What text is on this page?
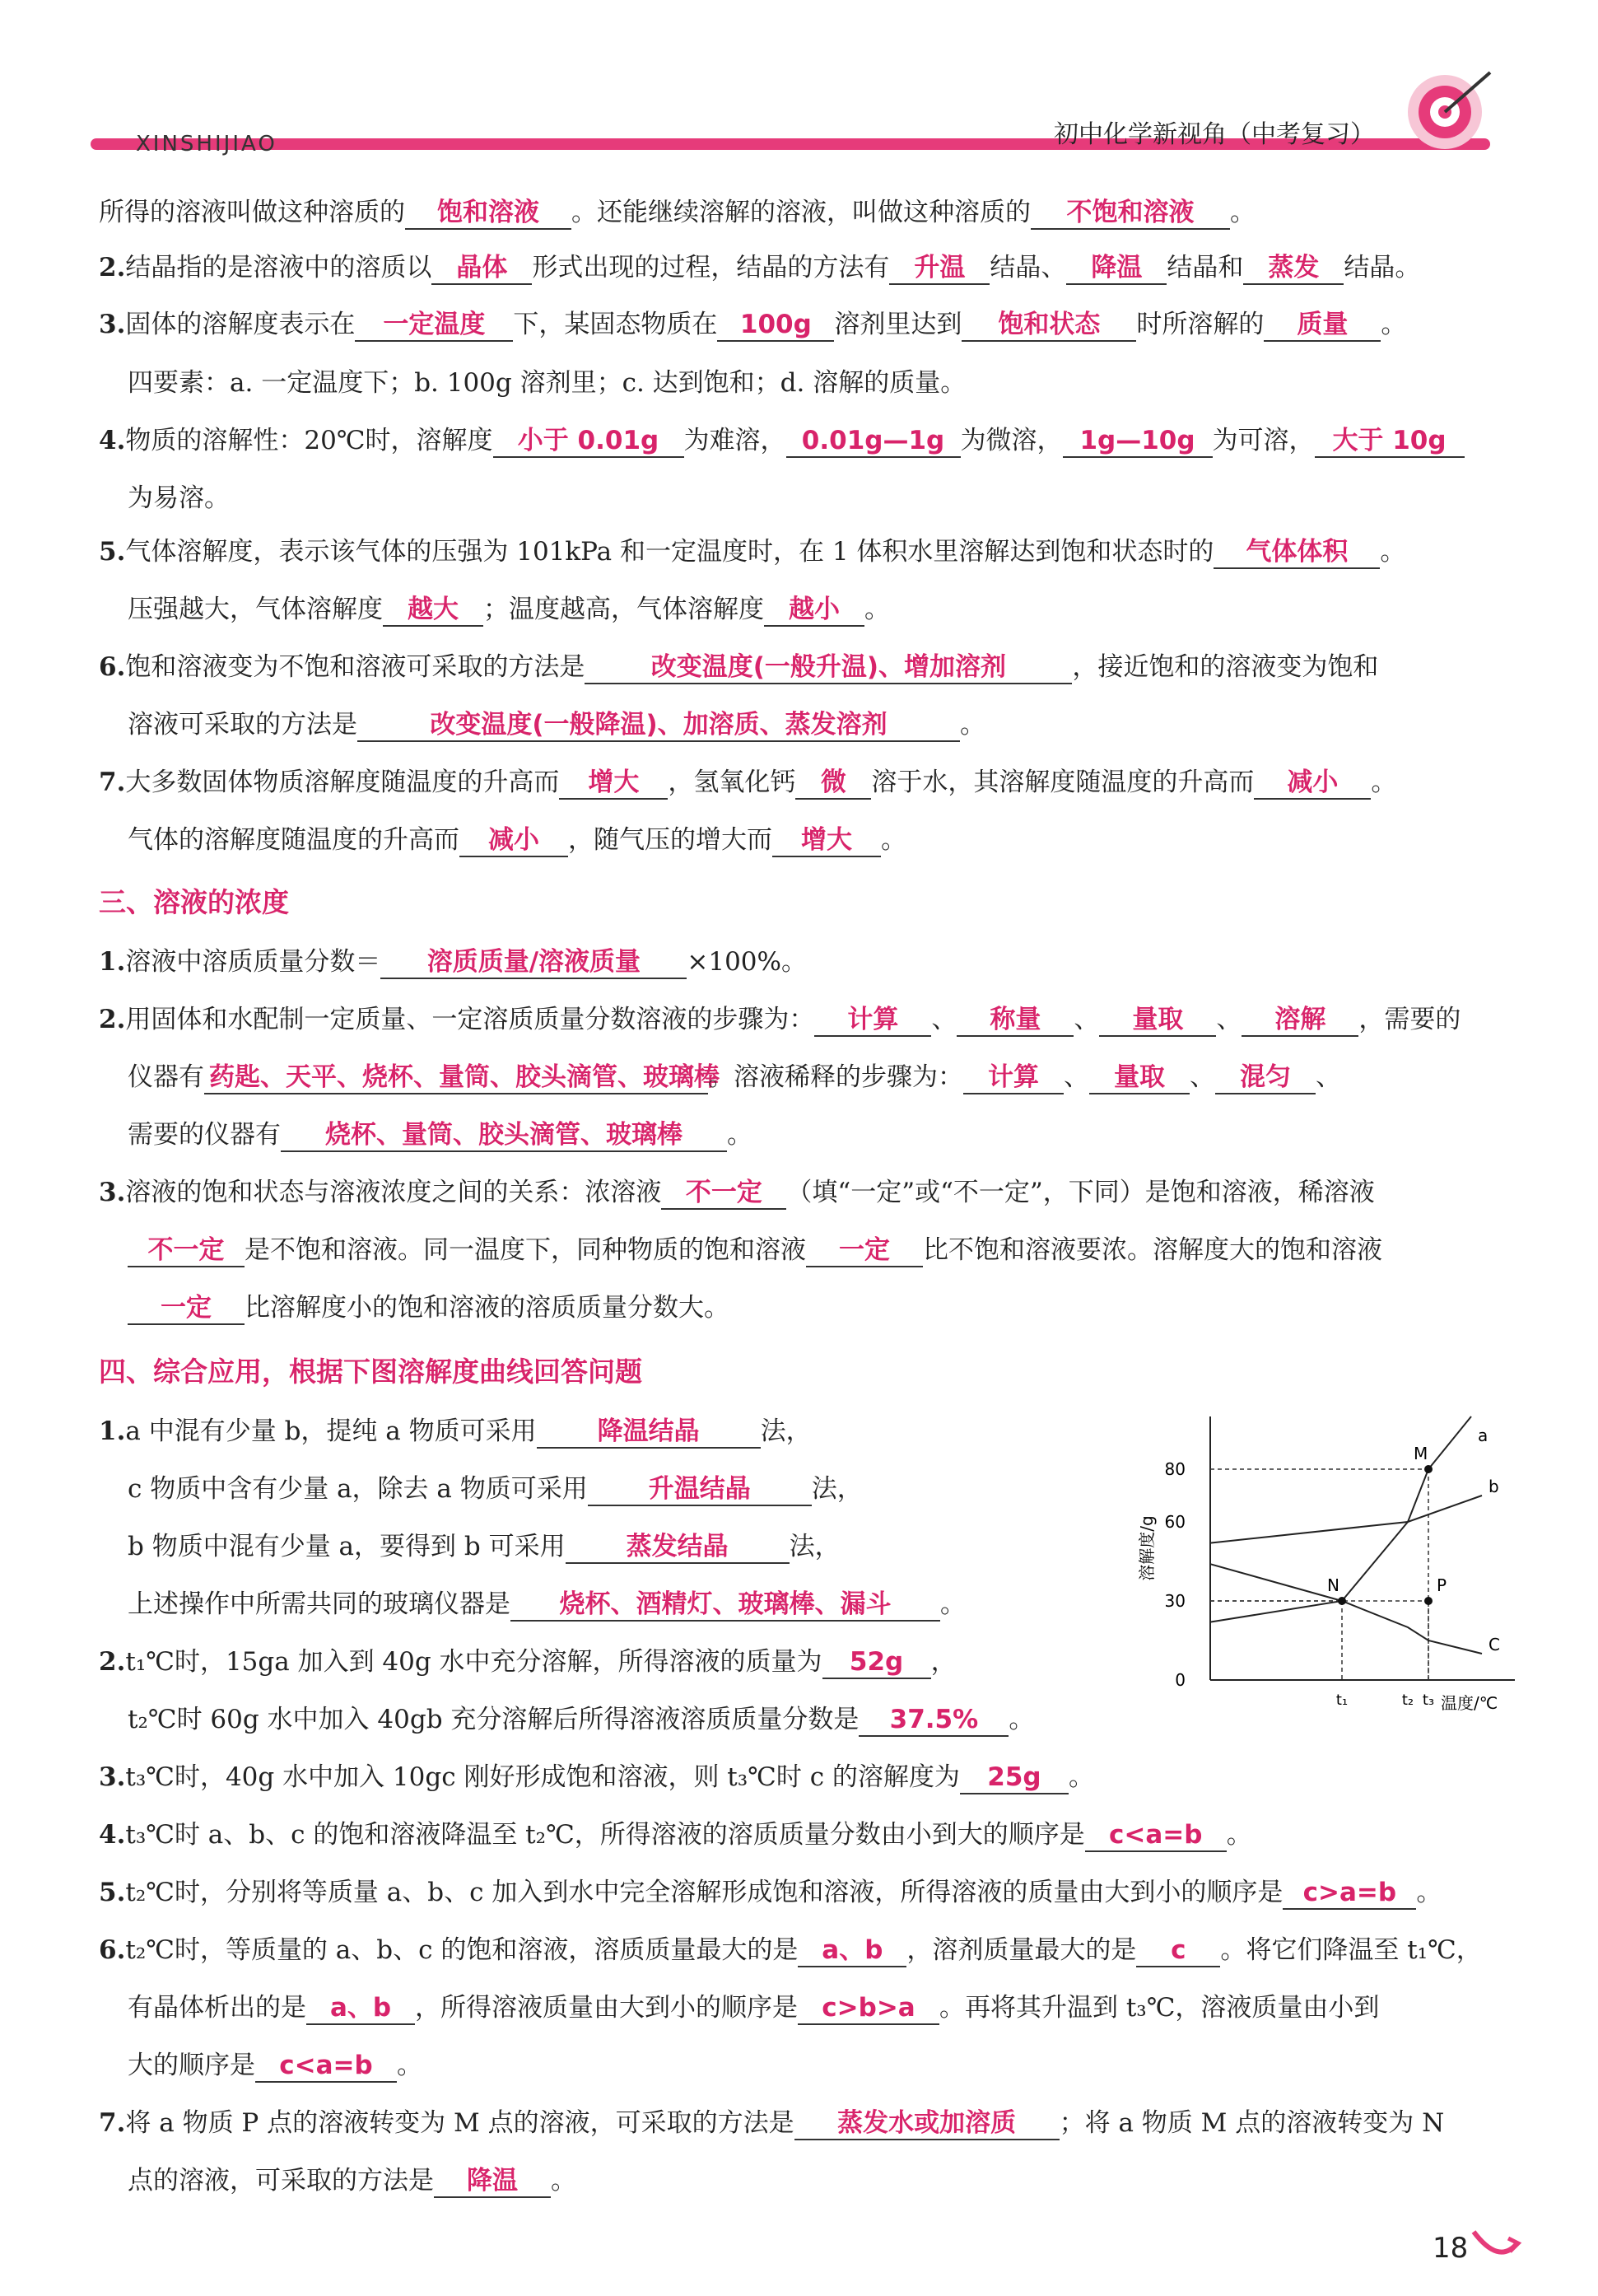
XINSHIJIAO	初中化学新视角（中考复习）
所得的溶液叫做这种溶质的 饱和溶液 。还能继续溶解的溶液，叫做这种溶质的 不饱和溶液 。
2.结晶指的是溶液中的溶质以 晶体 形式出现的过程，结晶的方法有 升温 结晶、 降温 结晶和 蒸发 结晶。
3.固体的溶解度表示在 一定温度 下，某固态物质在 100g 溶剂里达到 饱和状态 时所溶解的 质量 。
四要素：a. 一定温度下；b. 100g 溶剂里；c. 达到饱和；d. 溶解的质量。
4.物质的溶解性：20℃时，溶解度 小于 0.01g 为难溶， 0.01g—1g 为微溶， 1g—10g 为可溶， 大于 10g
为易溶。
5.气体溶解度，表示该气体的压强为 101kPa 和一定温度时，在 1 体积水里溶解达到饱和状态时的 气体体积 。
压强越大，气体溶解度 越大 ；温度越高，气体溶解度 越小 。
6.饱和溶液变为不饱和溶液可采取的方法是	改变温度(一般升温)、增加溶剂	，接近饱和的溶液变为饱和
溶液可采取的方法是	改变温度(一般降温)、加溶质、蒸发溶剂	。
7.大多数固体物质溶解度随温度的升高而 增大 ，氢氧化钙 微 溶于水，其溶解度随温度的升高而 减小 。
气体的溶解度随温度的升高而 减小 ，随气压的增大而 增大 。
三、溶液的浓度
1.溶液中溶质质量分数＝ 溶质质量/溶液质量 ×100%。
2.用固体和水配制一定质量、一定溶质质量分数溶液的步骤为： 计算 、 称量 、 量取 、 溶解 ，需要的
仪器有 药匙、天平、烧杯、量筒、胶头滴管、玻璃棒。溶液稀释的步骤为： 计算 、 量取 、 混匀 、
需要的仪器有 烧杯、量筒、胶头滴管、玻璃棒 。
3.溶液的饱和状态与溶液浓度之间的关系：浓溶液 不一定 （填“一定”或“不一定”，下同）是饱和溶液，稀溶液
不一定 是不饱和溶液。同一温度下，同种物质的饱和溶液 一定 比不饱和溶液要浓。溶解度大的饱和溶液
一定 比溶解度小的饱和溶液的溶质质量分数大。
四、综合应用，根据下图溶解度曲线回答问题
1.a 中混有少量 b，提纯 a 物质可采用 降温结晶 法，
c 物质中含有少量 a，除去 a 物质可采用 升温结晶 法，
b 物质中混有少量 a，要得到 b 可采用 蒸发结晶 法，
上述操作中所需共同的玻璃仪器是 烧杯、酒精灯、玻璃棒、漏斗 。
2.t₁℃时，15ga 加入到 40g 水中充分溶解，所得溶液的质量为 52g ，
t₂℃时 60g 水中加入 40gb 充分溶解后所得溶液溶质质量分数是 37.5% 。
3.t₃℃时，40g 水中加入 10gc 刚好形成饱和溶液，则 t₃℃时 c 的溶解度为 25g 。
4.t₃℃时 a、b、c 的饱和溶液降温至 t₂℃，所得溶液的溶质质量分数由小到大的顺序是 c<a=b 。
5.t₂℃时，分别将等质量 a、b、c 加入到水中完全溶解形成饱和溶液，所得溶液的质量由大到小的顺序是 c>a=b 。
6.t₂℃时，等质量的 a、b、c 的饱和溶液，溶质质量最大的是 a、b ，溶剂质量最大的是 c 。将它们降温至 t₁℃，
有晶体析出的是 a、b ，所得溶液质量由大到小的顺序是 c>b>a 。再将其升温到 t₃℃，溶液质量由小到
大的顺序是 c<a=b 。
7.将 a 物质 P 点的溶液转变为 M 点的溶液，可采取的方法是 蒸发水或加溶质 ；将 a 物质 M 点的溶液转变为 N
点的溶液，可采取的方法是 降温 。
溶解度/g
温度/℃
0
30
60
80
t₁	t₂ t₃
a
b
C
N
M
P
18
